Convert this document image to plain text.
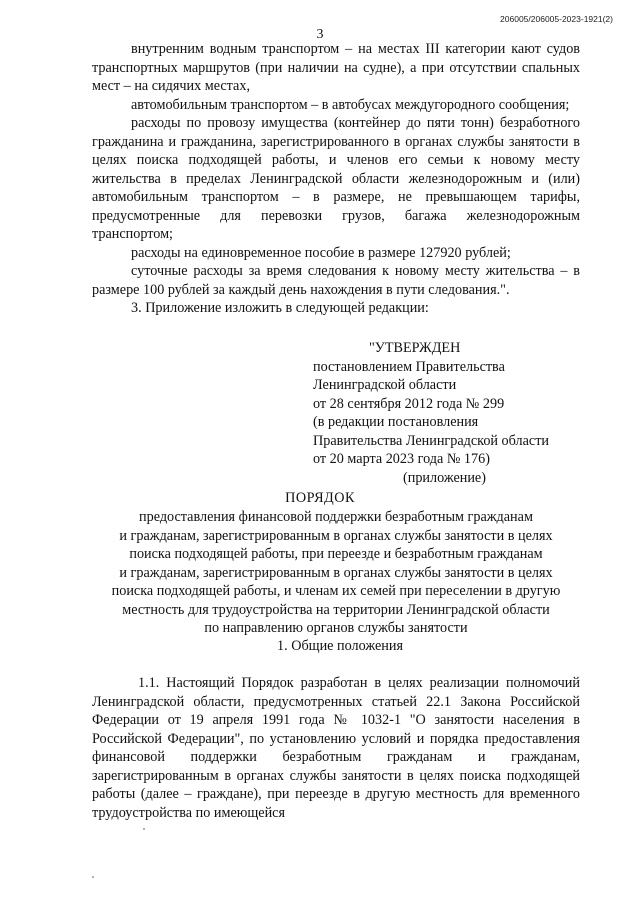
206005/206005-2023-1921(2)
3

внутренним водным транспортом – на местах III категории кают судов транспортных маршрутов (при наличии на судне), а при отсутствии спальных мест – на сидячих местах,

автомобильным транспортом – в автобусах междугородного сообщения;

расходы по провозу имущества (контейнер до пяти тонн) безработного гражданина и гражданина, зарегистрированного в органах службы занятости в целях поиска подходящей работы, и членов его семьи к новому месту жительства в пределах Ленинградской области железнодорожным и (или) автомобильным транспортом – в размере, не превышающем тарифы, предусмотренные для перевозки грузов, багажа железнодорожным транспортом;

расходы на единовременное пособие в размере 127920 рублей;

суточные расходы за время следования к новому месту жительства – в размере 100 рублей за каждый день нахождения в пути следования.".

3. Приложение изложить в следующей редакции:

"УТВЕРЖДЕН
постановлением Правительства
Ленинградской области
от 28 сентября 2012 года № 299
(в редакции постановления
Правительства Ленинградской области
от 20 марта 2023 года № 176)
(приложение)
ПОРЯДОК
предоставления финансовой поддержки безработным гражданам
и гражданам, зарегистрированным в органах службы занятости в целях
поиска подходящей работы, при переезде и безработным гражданам
и гражданам, зарегистрированным в органах службы занятости в целях
поиска подходящей работы, и членам их семей при переселении в другую
местность для трудоустройства на территории Ленинградской области
по направлению органов службы занятости
1. Общие положения

1.1. Настоящий Порядок разработан в целях реализации полномочий Ленинградской области, предусмотренных статьей 22.1 Закона Российской Федерации от 19 апреля 1991 года № 1032-1 "О занятости населения в Российской Федерации", по установлению условий и порядка предоставления финансовой поддержки безработным гражданам и гражданам, зарегистрированным в органах службы занятости в целях поиска подходящей работы (далее – граждане), при переезде в другую местность для временного трудоустройства по имеющейся
